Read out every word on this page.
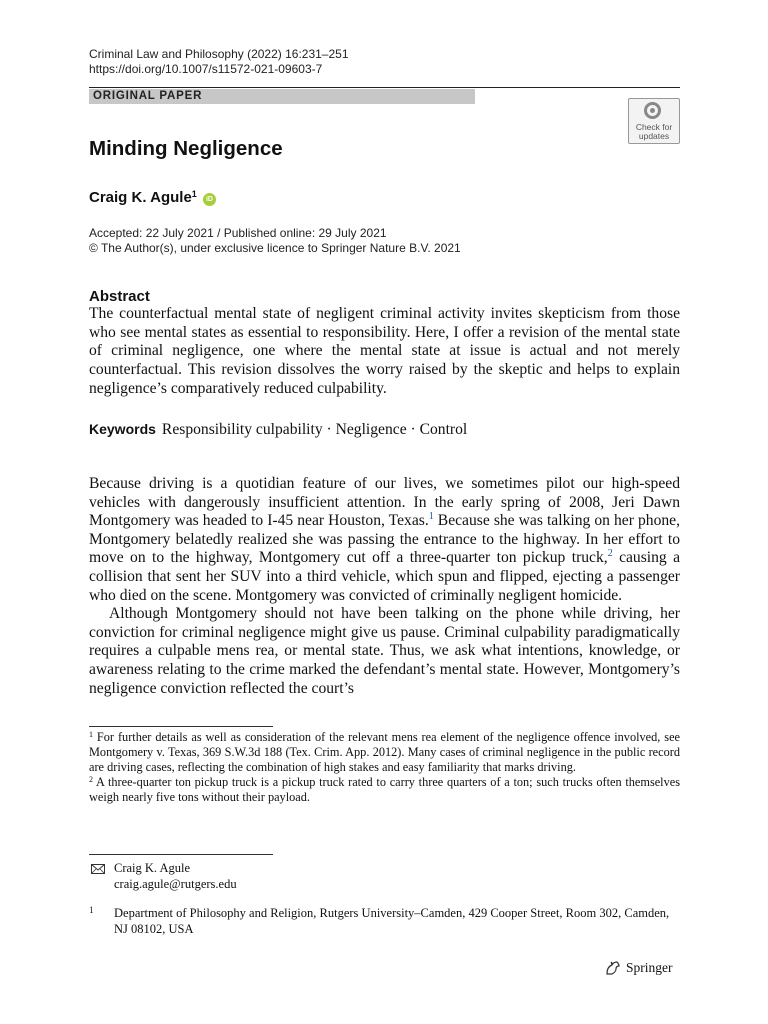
Criminal Law and Philosophy (2022) 16:231–251
https://doi.org/10.1007/s11572-021-09603-7
ORIGINAL PAPER
Check for
updates
Minding Negligence
Craig K. Agule$^1$ iD
Accepted: 22 July 2021 / Published online: 29 July 2021
© The Author(s), under exclusive licence to Springer Nature B.V. 2021
Abstract
The counterfactual mental state of negligent criminal activity invites skepticism from those who see mental states as essential to responsibility. Here, I offer a revision of the mental state of criminal negligence, one where the mental state at issue is actual and not merely counterfactual. This revision dissolves the worry raised by the skeptic and helps to explain negligence’s comparatively reduced culpability.
Keywords Responsibility culpability · Negligence · Control

Because driving is a quotidian feature of our lives, we sometimes pilot our high-speed vehicles with dangerously insufficient attention. In the early spring of 2008, Jeri Dawn Montgomery was headed to I-45 near Houston, Texas.$^1$ Because she was talking on her phone, Montgomery belatedly realized she was passing the entrance to the highway. In her effort to move on to the highway, Montgomery cut off a three-quarter ton pickup truck,$^2$ causing a collision that sent her SUV into a third vehicle, which spun and flipped, ejecting a passenger who died on the scene. Montgomery was convicted of criminally negligent homicide.

Although Montgomery should not have been talking on the phone while driving, her conviction for criminal negligence might give us pause. Criminal culpability paradigmatically requires a culpable mens rea, or mental state. Thus, we ask what intentions, knowledge, or awareness relating to the crime marked the defendant’s mental state. However, Montgomery’s negligence conviction reflected the court’s

$^1$ For further details as well as consideration of the relevant mens rea element of the negligence offence involved, see Montgomery v. Texas, 369 S.W.3d 188 (Tex. Crim. App. 2012). Many cases of criminal negligence in the public record are driving cases, reflecting the combination of high stakes and easy familiarity that marks driving.

$^2$ A three-quarter ton pickup truck is a pickup truck rated to carry three quarters of a ton; such trucks often themselves weigh nearly five tons without their payload.

Craig K. Agule
craig.agule@rutgers.edu
1 Department of Philosophy and Religion, Rutgers University–Camden, 429 Cooper Street, Room 302, Camden, NJ 08102, USA
Springer
